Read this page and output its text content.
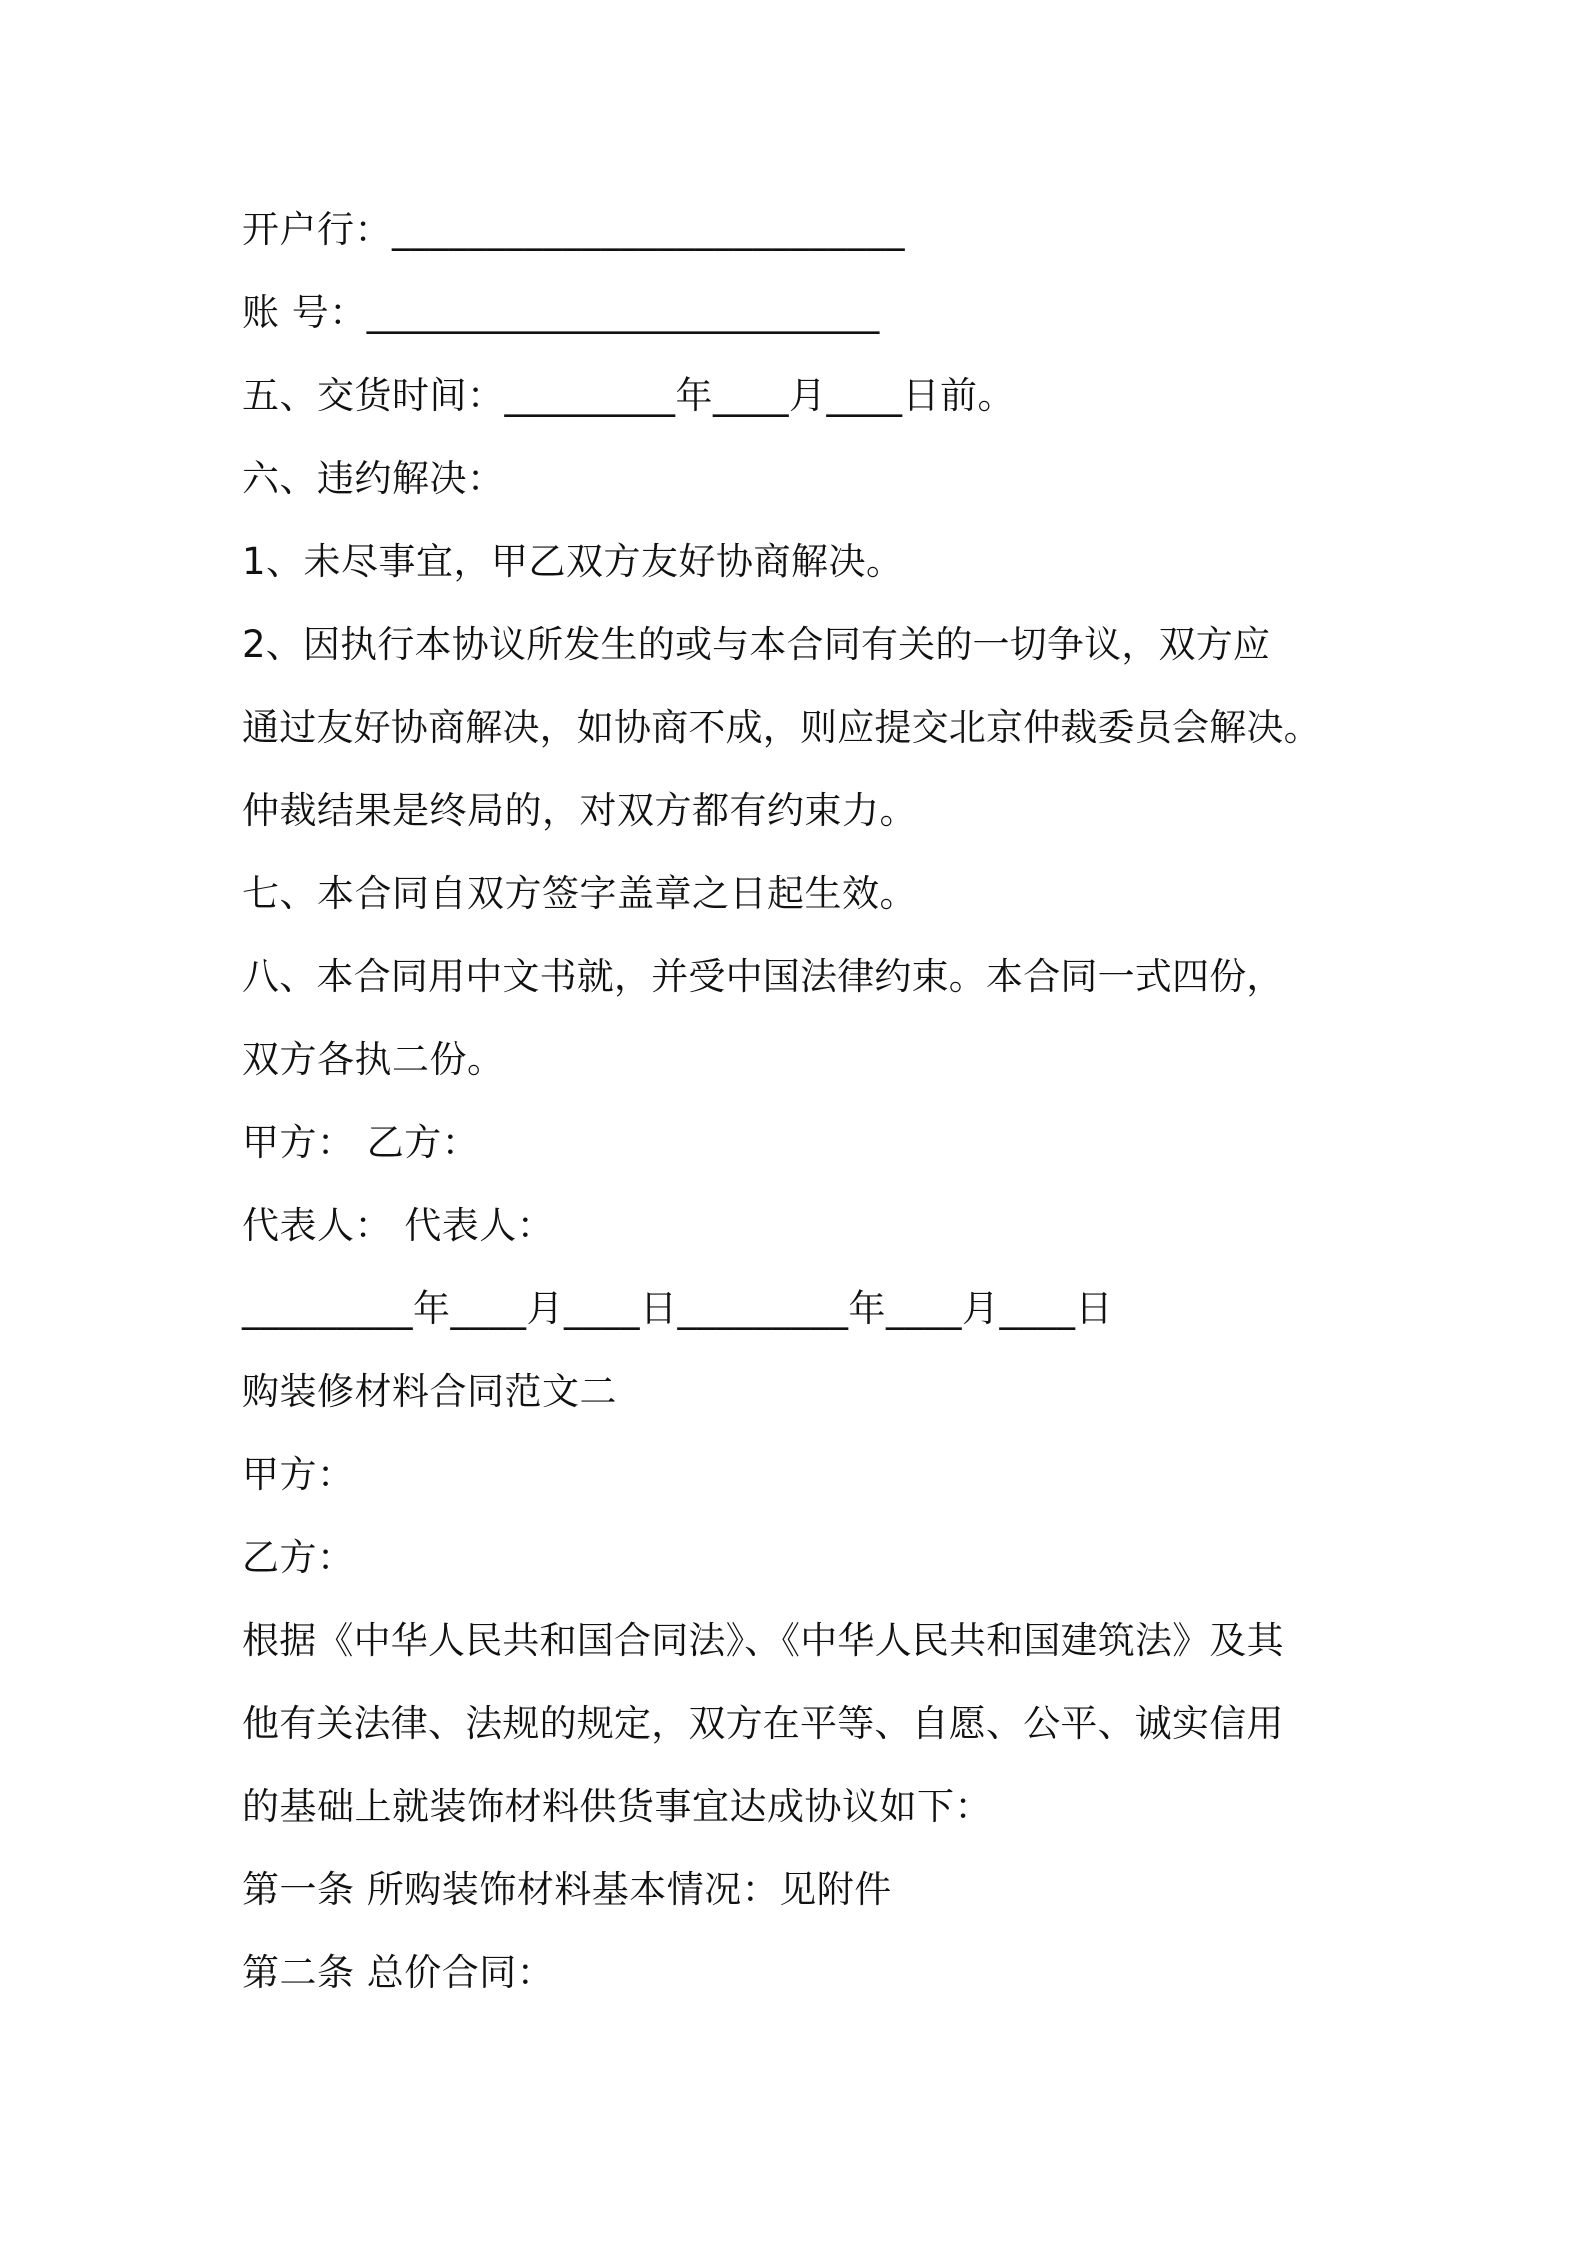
开户行：___________________________
账 号：___________________________
五、交货时间：_________年____月____日前。
六、违约解决：
1、未尽事宜，甲乙双方友好协商解决。
2、因执行本协议所发生的或与本合同有关的一切争议，双方应
通过友好协商解决，如协商不成，则应提交北京仲裁委员会解决。
仲裁结果是终局的，对双方都有约束力。
七、本合同自双方签字盖章之日起生效。
八、本合同用中文书就，并受中国法律约束。本合同一式四份，
双方各执二份。
甲方： 乙方：
代表人： 代表人：
_________年____月____日_________年____月____日
购装修材料合同范文二
甲方：
乙方：
根据《中华人民共和国合同法》、《中华人民共和国建筑法》及其
他有关法律、法规的规定，双方在平等、自愿、公平、诚实信用
的基础上就装饰材料供货事宜达成协议如下：
第一条 所购装饰材料基本情况：见附件
第二条 总价合同：
